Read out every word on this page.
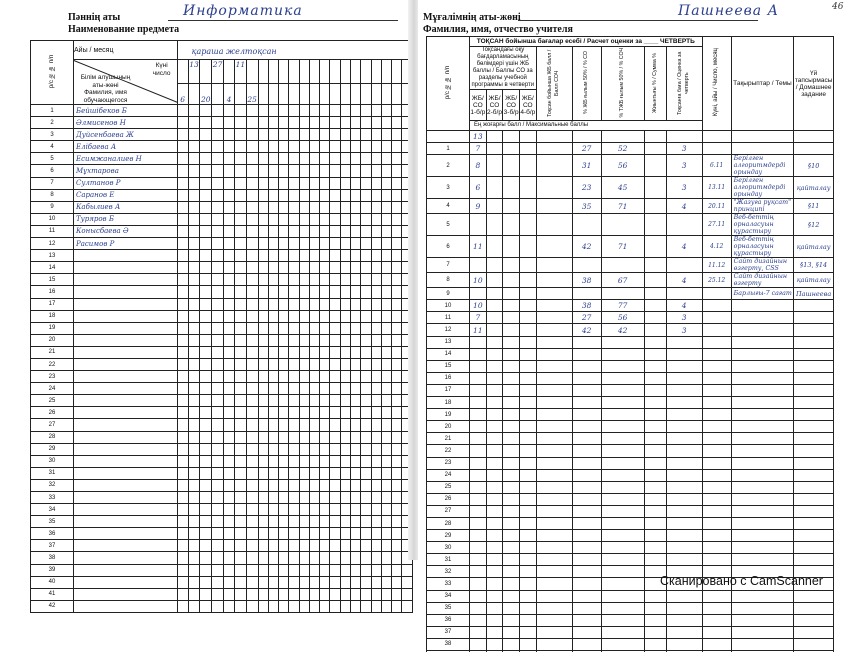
Пәннің аты
Наименование предмета
Информатика
р/с № № п/п	Айы / месяц	қараша желтоқсан																					

	Білім алушының аты-жөні Фамилия, имя обучающегося
Күні число		13		27		11																
		6		20		4		25															
1	Бейшібеков Б																						
2	Әлмисенов Н																						
3	Дуйсенбаева Ж																						
4	Елібаева А																						
5	Есимжаналиев Н																						
6	Мұхтарова																						
7	Султанов Р																						
8	Саранов Е																						
9	Кабылиев А																						
10	Туряров Б																						
11	Конысбаева Ә																						
12	Расимов Р																						
13																							
14																							
15																							
16																							
17																							
18																							
19																							
20																							
21																							
22																							
23																							
24																							
25																							
26																							
27																							
28																							
29																							
30																							
31																							
32																							
33																							
34																							
35																							
36																							
37																							
38																							
39																							
40																							
41																							
42																							
Мұғалімнің аты-жөні
Фамилия, имя, отчество учителя
Пашнеева А
р/с № № п/п	ТОҚСАН бойынша бағалар есебі / Расчет оценки за ____ ЧЕТВЕРТЬ									Күні, айы / Число, месяц	Тақырыптар / Темы	Үй тапсырмасы / Домашнее задание
	Тоқсандағы оқу бағдарламасының бөлімдері үшін ЖБ баллы / Баллы СО за разделы учебной программы в четверти				Тоқсан бойынша ЖБ балл / Балл СОЧ	% ЖБ ғылым 50% / % СО	% ТЖБ ғылым 50% / % СОЧ	Жиынтығы % / Сумма %	Тоқсанға баға / Оценка за четверть			
	ЖБ/СО 1-б/р	ЖБ/СО 2-б/р	ЖБ/СО 3-б/р	ЖБ/СО 4-б/р								
	Ең жоғарғы балл / Максимальные баллы											
	13											
1	7					27	52		3			
2	8					31	56		3	6.11	Берілген алгоритмдерді орындау	§10
3	6					23	45		3	13.11	Берілген алгоритмдерді орындау	қайталау
4	9					35	71		4	20.11	"Жазуға рұқсат" принципі	§11
5										27.11	Веб-беттің орналасуын құрастыру	§12
6	11					42	71		4	4.12	Веб-беттің орналасуын құрастыру	қайталау
7										11.12	Сайт дизайнын өзгерту, CSS	§13, §14
8	10					38	67		4	25.12	Сайт дизайнын өзгерту	қайталау
9											Барлығы-7 сағат	Пашнеева
10	10					38	77		4			
11	7					27	56		3			
12	11					42	42		3			
13												
14												
15												
16												
17												
18												
19												
20												
21												
22												
23												
24												
25												
26												
27												
28												
29												
30												
31												
32												
33												
34												
35												
36												
37												
38												

46
Сканировано с CamScanner
